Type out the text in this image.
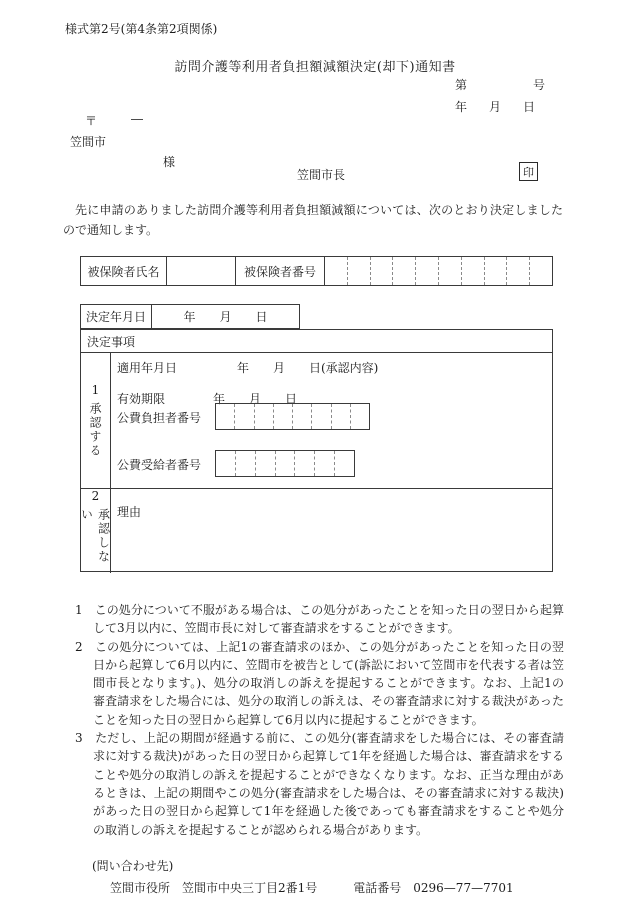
様式第2号(第4条第2項関係)
訪問介護等利用者負担額減額決定(却下)通知書
第	号
年 月 日
〒	―
笠間市
様
笠間市長	印
先に申請のありました訪問介護等利用者負担額減額については、次のとおり決定しましたので通知します。
被保険者氏名	被保険者番号
決定年月日	年　　月　　日
決定事項
1
承認する
適用年月日　　　　　年　　月　　日(承認内容)
有効期限　　　　年　　月　　日
公費負担者番号
公費受給者番号
2
承認しない	理由
1　この処分について不服がある場合は、この処分があったことを知った日の翌日から起算して3月以内に、笠間市長に対して審査請求をすることができます。
2　この処分については、上記1の審査請求のほか、この処分があったことを知った日の翌日から起算して6月以内に、笠間市を被告として(訴訟において笠間市を代表する者は笠間市長となります。)、処分の取消しの訴えを提起することができます。なお、上記1の審査請求をした場合には、処分の取消しの訴えは、その審査請求に対する裁決があったことを知った日の翌日から起算して6月以内に提起することができます。
3　ただし、上記の期間が経過する前に、この処分(審査請求をした場合には、その審査請求に対する裁決)があった日の翌日から起算して1年を経過した場合は、審査請求をすることや処分の取消しの訴えを提起することができなくなります。なお、正当な理由があるときは、上記の期間やこの処分(審査請求をした場合は、その審査請求に対する裁決)があった日の翌日から起算して1年を経過した後であっても審査請求をすることや処分の取消しの訴えを提起することが認められる場合があります。
(問い合わせ先)
笠間市役所　笠間市中央三丁目2番1号　　　電話番号　0296—77—7701
